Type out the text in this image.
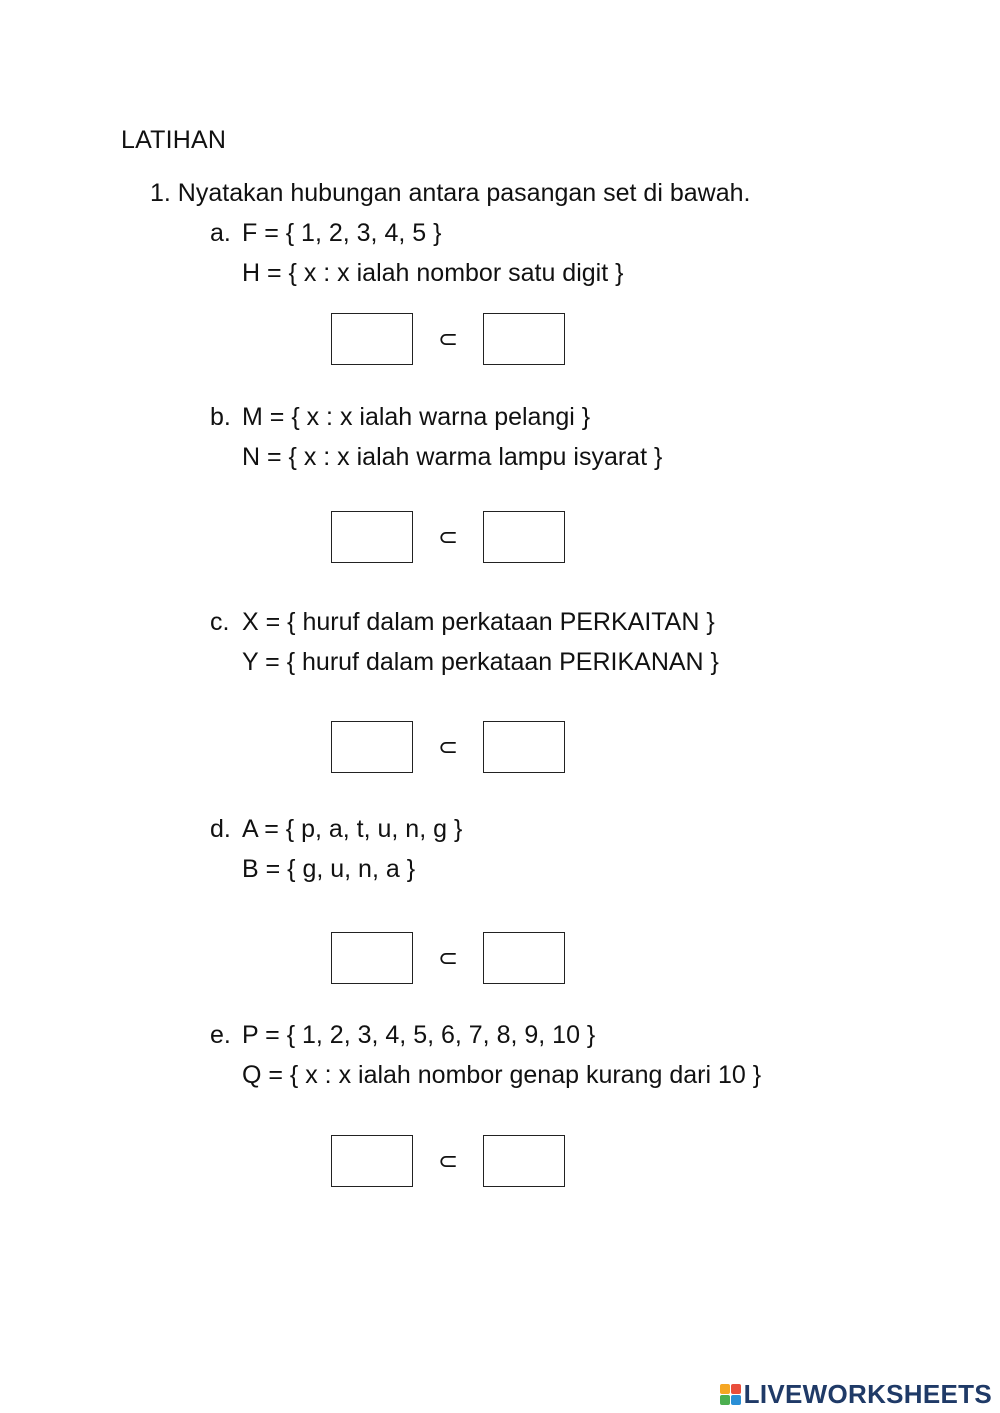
LATIHAN
1. Nyatakan hubungan antara pasangan set di bawah.
a. F = { 1, 2, 3, 4, 5 }
H = { x : x ialah nombor satu digit }
⊂
b. M = { x : x ialah warna pelangi }
N = { x : x ialah warma lampu isyarat }
⊂
c. X = { huruf dalam perkataan PERKAITAN }
Y = { huruf dalam perkataan PERIKANAN }
⊂
d. A = { p, a, t, u, n, g }
B = { g, u, n, a }
⊂
e. P = { 1, 2, 3, 4, 5, 6, 7, 8, 9, 10 }
Q = { x : x ialah nombor genap kurang dari 10 }
⊂
LIVEWORKSHEETS
